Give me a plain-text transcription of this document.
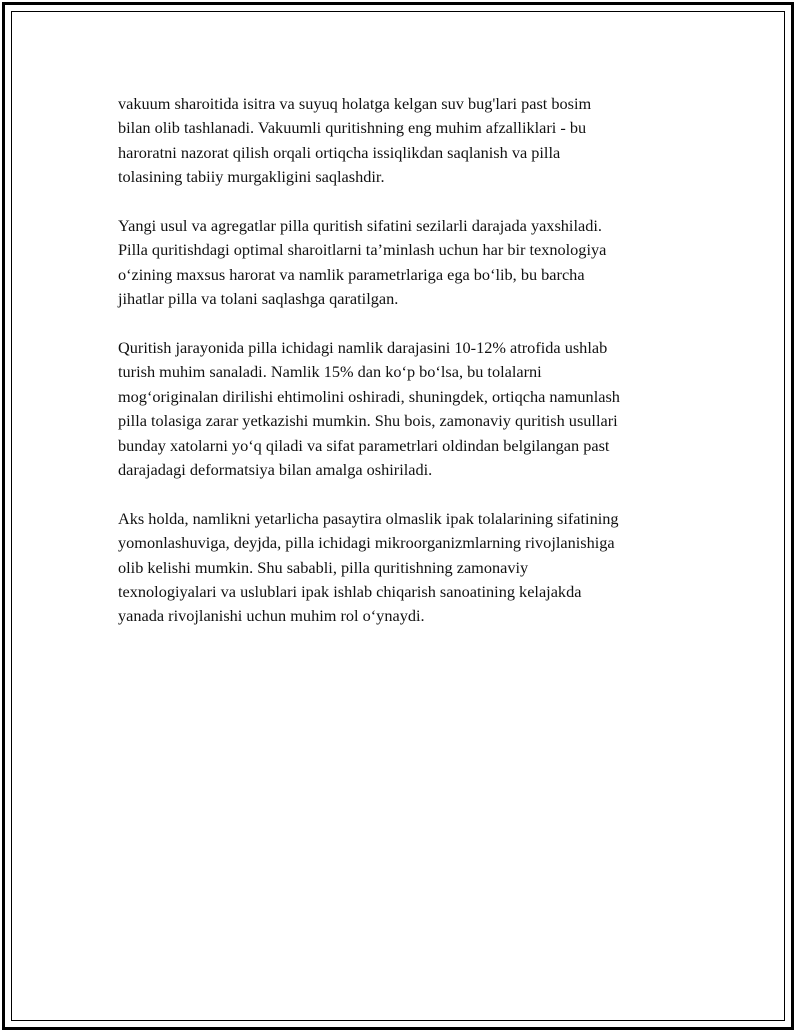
vakuum sharoitida isitra va suyuq holatga kelgan suv bug'lari past bosim
bilan olib tashlanadi. Vakuumli quritishning eng muhim afzalliklari - bu
haroratni nazorat qilish orqali ortiqcha issiqlikdan saqlanish va pilla
tolasining tabiiy murgakligini saqlashdir.

Yangi usul va agregatlar pilla quritish sifatini sezilarli darajada yaxshiladi.
Pilla quritishdagi optimal sharoitlarni ta’minlash uchun har bir texnologiya
o‘zining maxsus harorat va namlik parametrlariga ega bo‘lib, bu barcha
jihatlar pilla va tolani saqlashga qaratilgan.

Quritish jarayonida pilla ichidagi namlik darajasini 10-12% atrofida ushlab
turish muhim sanaladi. Namlik 15% dan ko‘p bo‘lsa, bu tolalarni
mog‘originalan dirilishi ehtimolini oshiradi, shuningdek, ortiqcha namunlash
pilla tolasiga zarar yetkazishi mumkin. Shu bois, zamonaviy quritish usullari
bunday xatolarni yo‘q qiladi va sifat parametrlari oldindan belgilangan past
darajadagi deformatsiya bilan amalga oshiriladi.

Aks holda, namlikni yetarlicha pasaytira olmaslik ipak tolalarining sifatining
yomonlashuviga, deyjda, pilla ichidagi mikroorganizmlarning rivojlanishiga
olib kelishi mumkin. Shu sababli, pilla quritishning zamonaviy
texnologiyalari va uslublari ipak ishlab chiqarish sanoatining kelajakda
yanada rivojlanishi uchun muhim rol o‘ynaydi.
